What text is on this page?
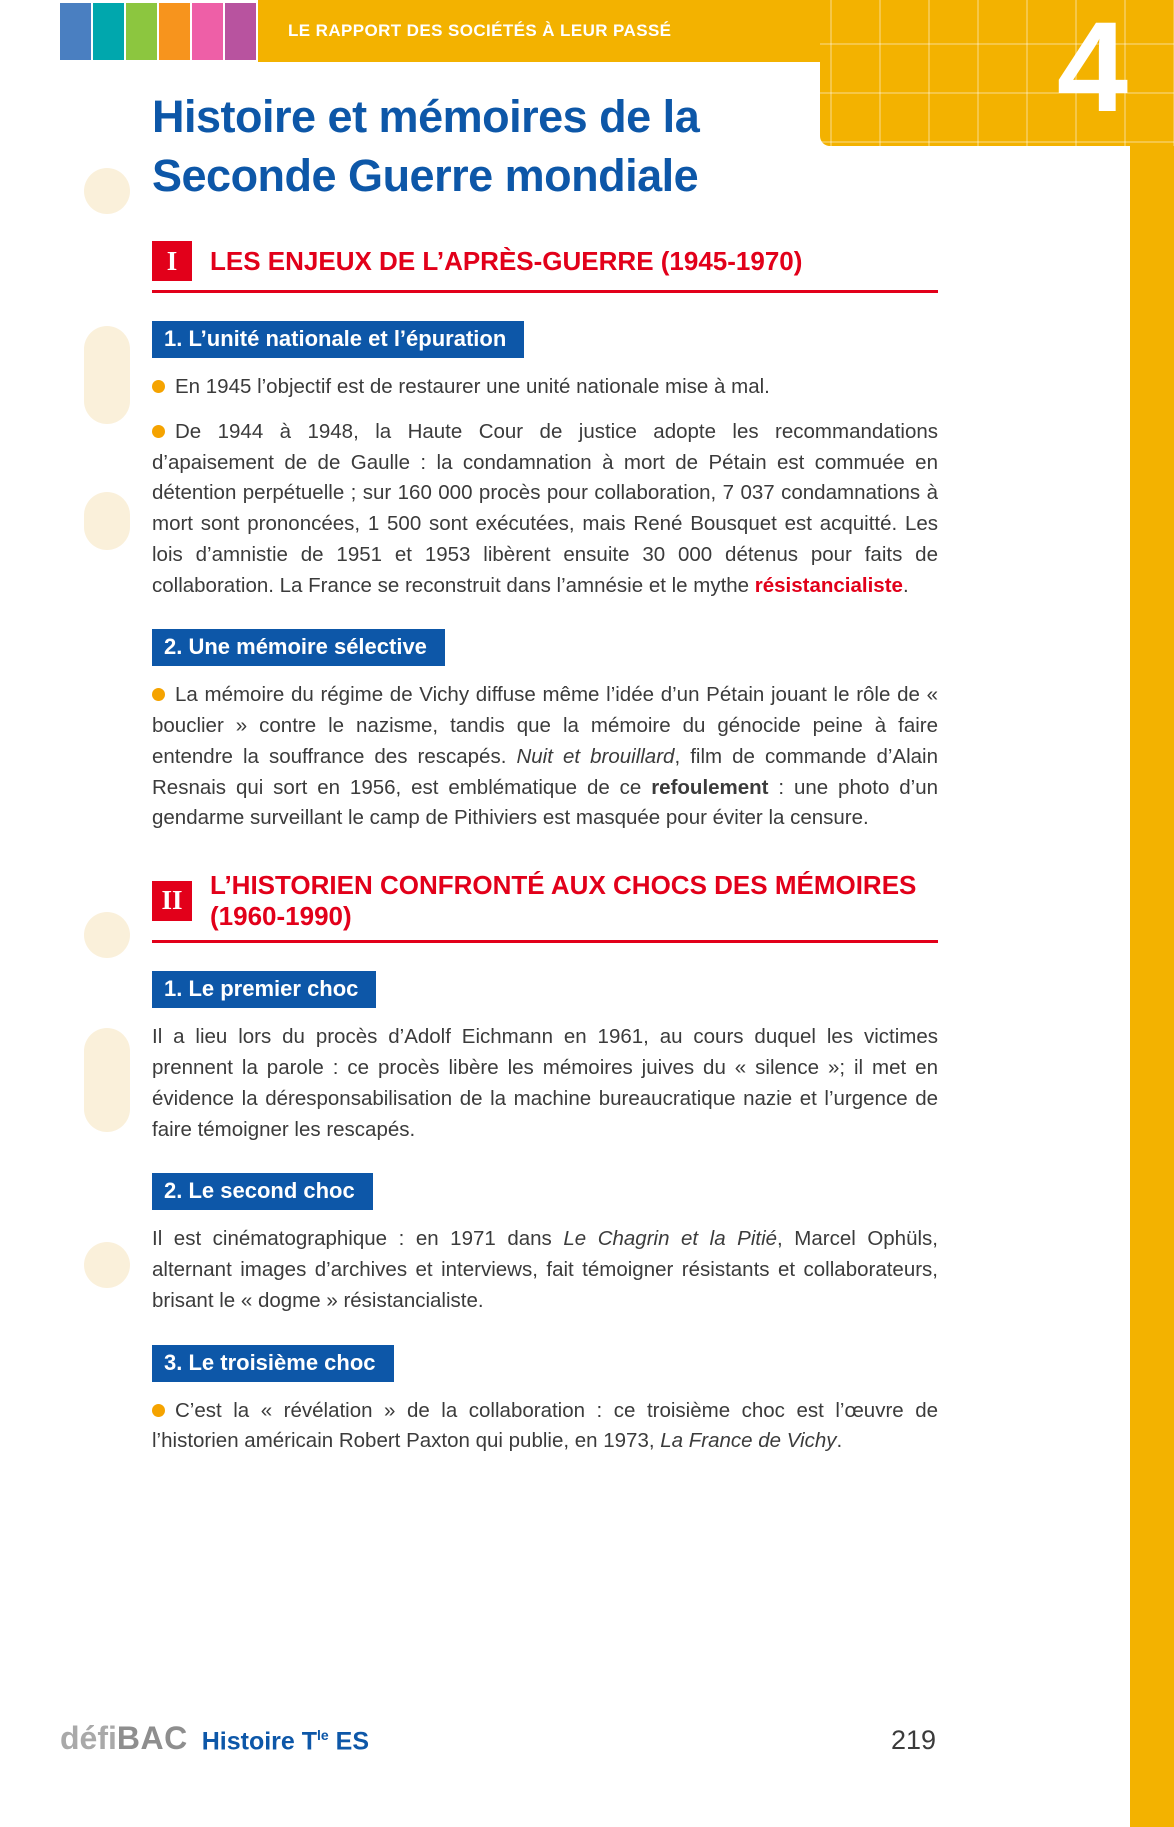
LE RAPPORT DES SOCIÉTÉS À LEUR PASSÉ	4
Histoire et mémoires de la Seconde Guerre mondiale
I	LES ENJEUX DE L’APRÈS-GUERRE (1945-1970)
1. L’unité nationale et l’épuration

En 1945 l’objectif est de restaurer une unité nationale mise à mal.

De 1944 à 1948, la Haute Cour de justice adopte les recommandations d’apaisement de de Gaulle : la condamnation à mort de Pétain est commuée en détention perpétuelle ; sur 160 000 procès pour collaboration, 7 037 condamnations à mort sont prononcées, 1 500 sont exécutées, mais René Bousquet est acquitté. Les lois d’amnistie de 1951 et 1953 libèrent ensuite 30 000 détenus pour faits de collaboration. La France se reconstruit dans l’amnésie et le mythe résistancialiste.

2. Une mémoire sélective

La mémoire du régime de Vichy diffuse même l’idée d’un Pétain jouant le rôle de « bouclier » contre le nazisme, tandis que la mémoire du génocide peine à faire entendre la souffrance des rescapés. Nuit et brouillard, film de commande d’Alain Resnais qui sort en 1956, est emblématique de ce refoulement : une photo d’un gendarme surveillant le camp de Pithiviers est masquée pour éviter la censure.

II
L’HISTORIEN CONFRONTÉ AUX CHOCS DES MÉMOIRES (1960-1990)
1. Le premier choc

Il a lieu lors du procès d’Adolf Eichmann en 1961, au cours duquel les victimes prennent la parole : ce procès libère les mémoires juives du « silence »; il met en évidence la déresponsabilisation de la machine bureaucratique nazie et l’urgence de faire témoigner les rescapés.

2. Le second choc

Il est cinématographique : en 1971 dans Le Chagrin et la Pitié, Marcel Ophüls, alternant images d’archives et interviews, fait témoigner résistants et collaborateurs, brisant le « dogme » résistancialiste.

3. Le troisième choc

C’est la « révélation » de la collaboration : ce troisième choc est l’œuvre de l’historien américain Robert Paxton qui publie, en 1973, La France de Vichy.

défiBAC Histoire $T^{le}$ ES	219
